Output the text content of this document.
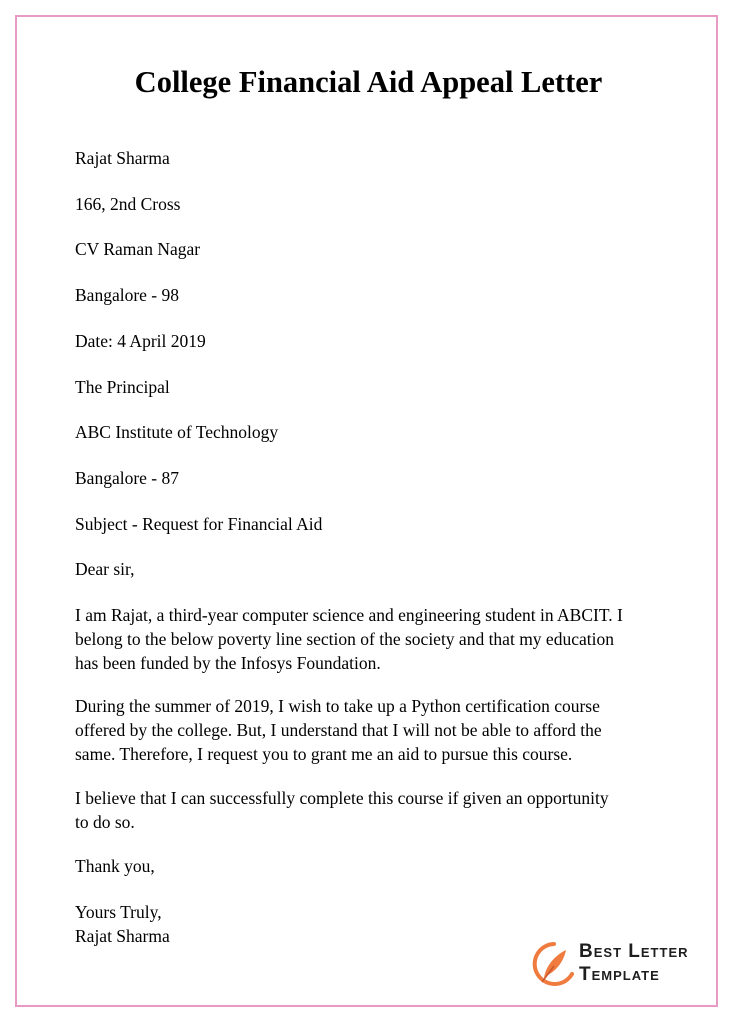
College Financial Aid Appeal Letter

Rajat Sharma

166, 2nd Cross

CV Raman Nagar

Bangalore - 98

Date: 4 April 2019

The Principal

ABC Institute of Technology

Bangalore - 87

Subject - Request for Financial Aid

Dear sir,

I am Rajat, a third-year computer science and engineering student in ABCIT. I

belong to the below poverty line section of the society and that my education

has been funded by the Infosys Foundation.

During the summer of 2019, I wish to take up a Python certification course

offered by the college. But, I understand that I will not be able to afford the

same. Therefore, I request you to grant me an aid to pursue this course.

I believe that I can successfully complete this course if given an opportunity

to do so.

Thank you,

Yours Truly,

Rajat Sharma

Best Letter
Template
